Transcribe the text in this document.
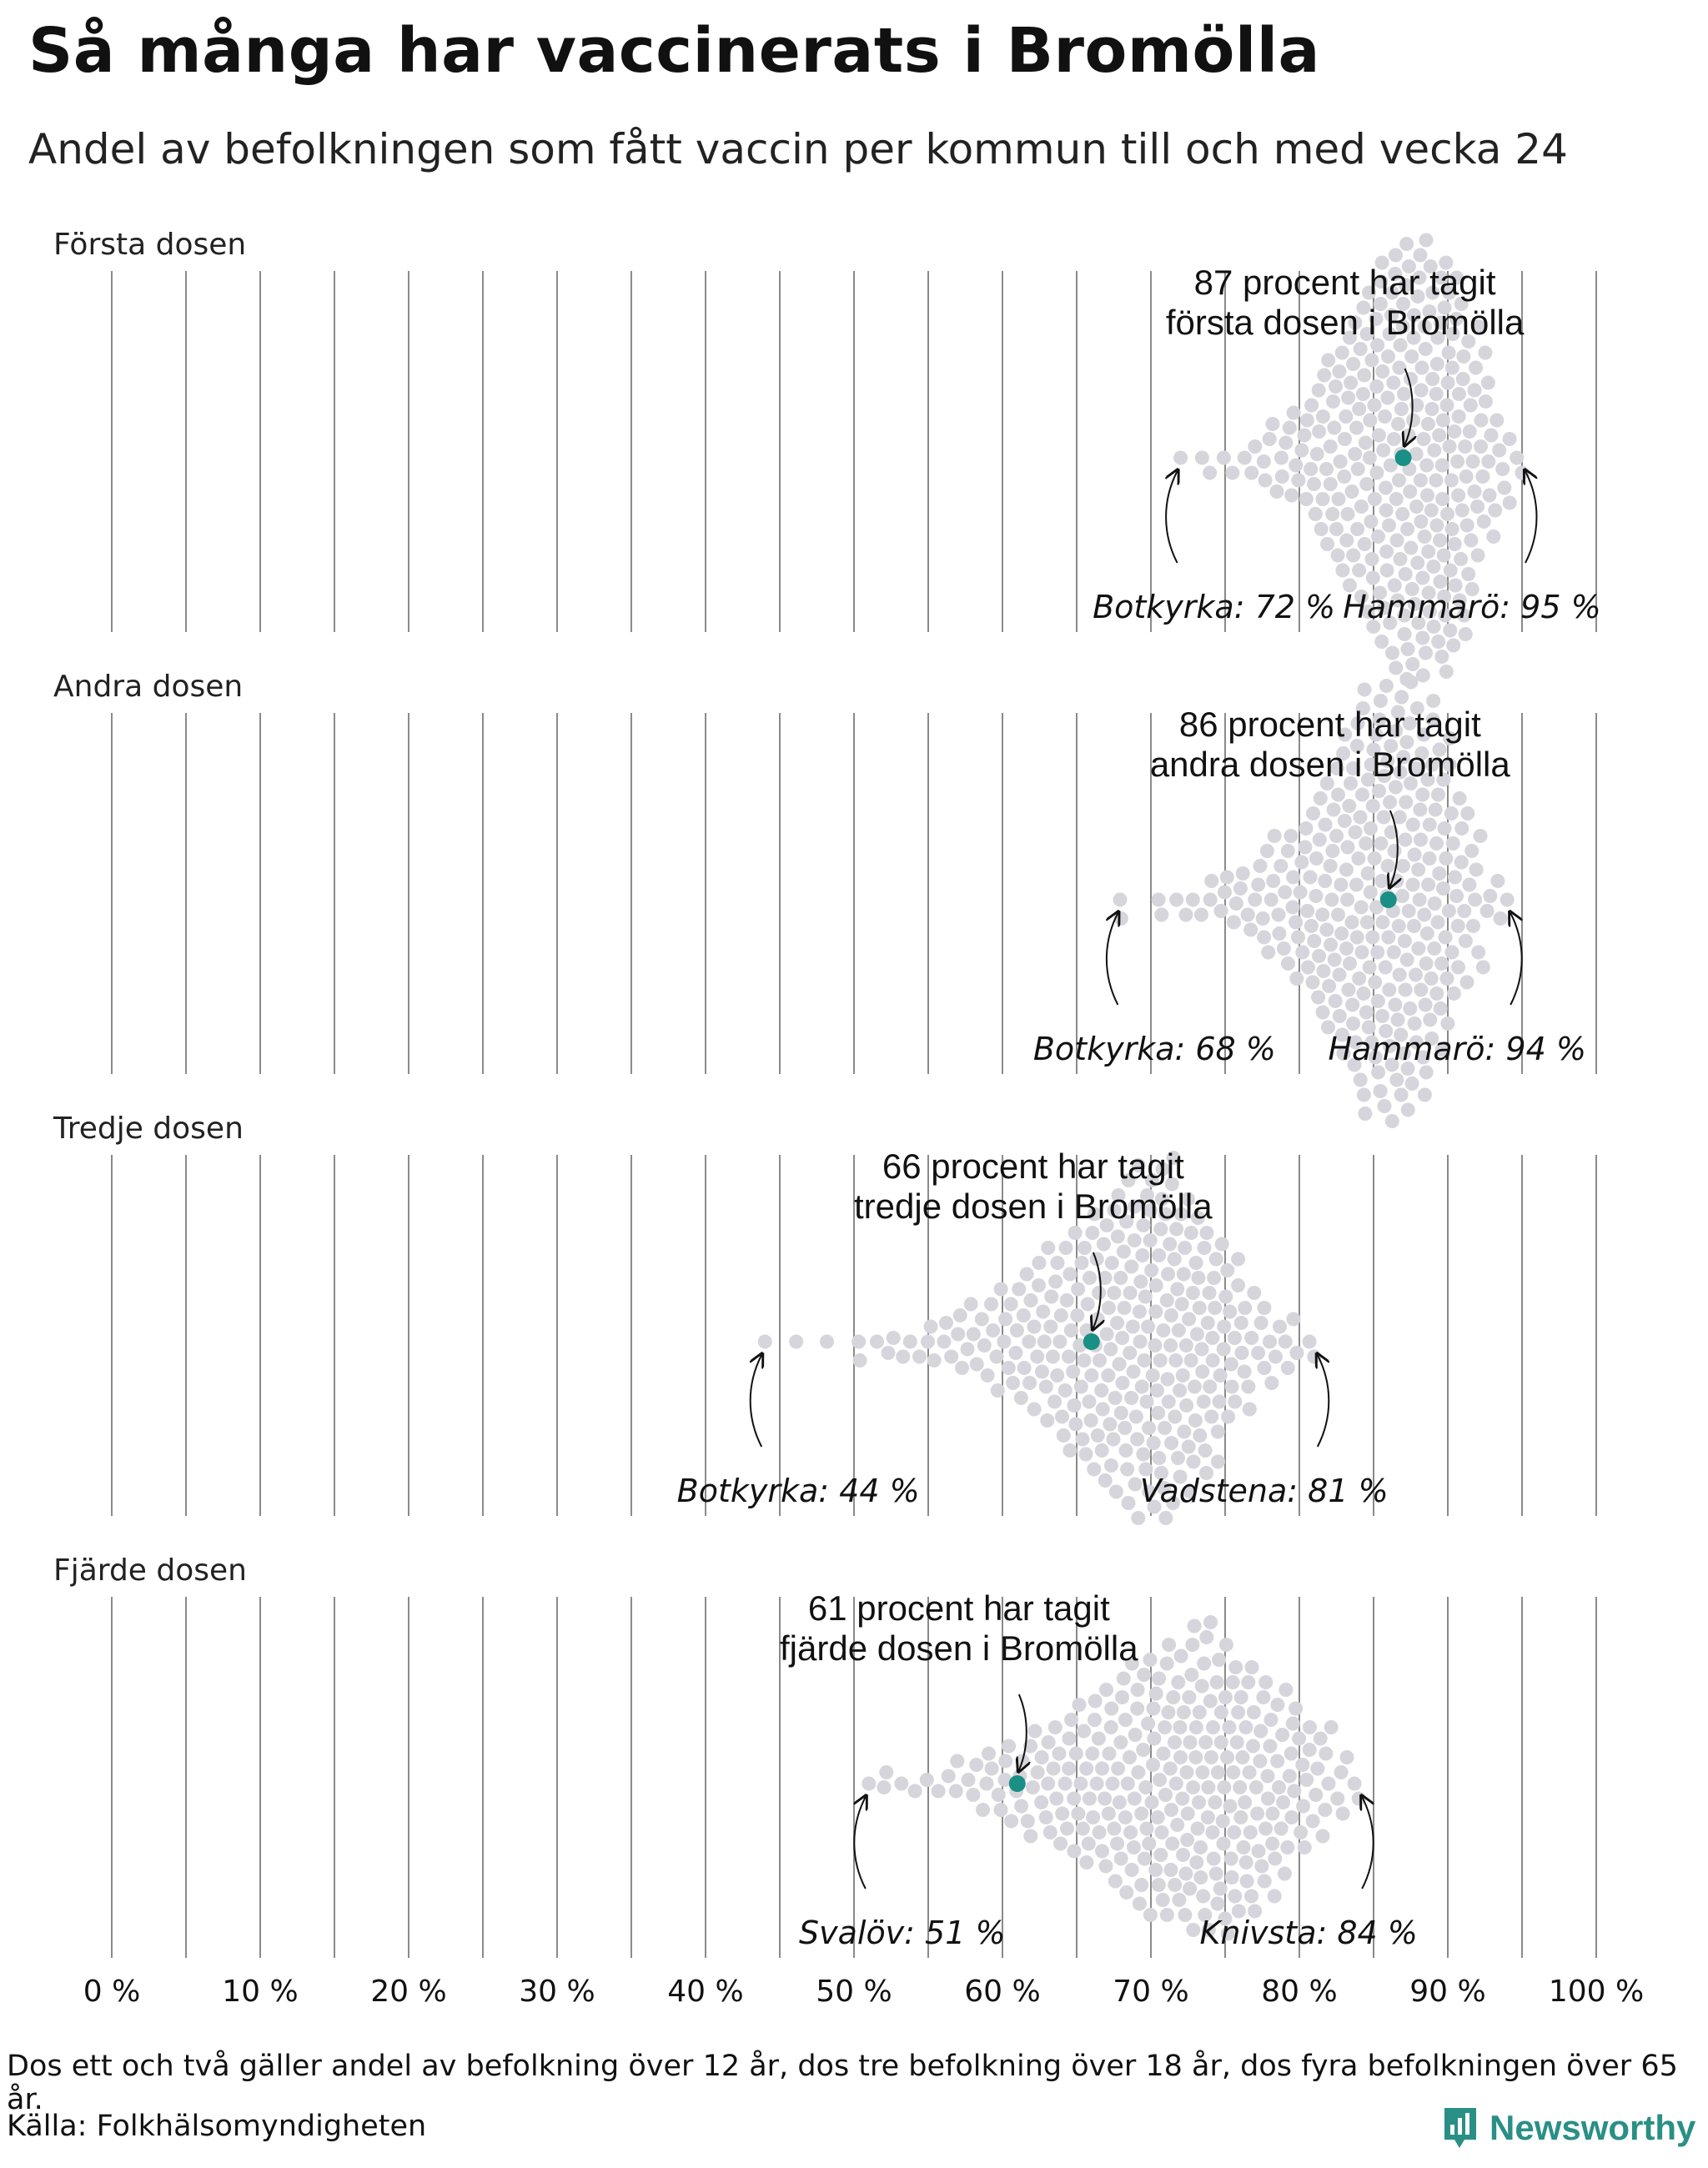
Så många har vaccinerats i Bromölla
Andel av befolkningen som fått vaccin per kommun till och med vecka 24
Första dosen
Andra dosen
Tredje dosen
Fjärde dosen
87 procent har tagit
första dosen i Bromölla
Botkyrka: 72 % Hammarö: 95 %
86 procent har tagit
andra dosen i Bromölla
Botkyrka: 68 % Hammarö: 94 %
66 procent har tagit
tredje dosen i Bromölla
Botkyrka: 44 %	Vadstena: 81 %
61 procent har tagit
fjärde dosen i Bromölla
Svalöv: 51 %	Knivsta: 84 %
0 %	10 % 20 % 30 % 40 % 50 % 60 % 70 % 80 % 90 % 100 %
Dos ett och två gäller andel av befolkning över 12 år, dos tre befolkning över 18 år, dos fyra befolkningen över 65 år.
Källa: Folkhälsomyndigheten	Newsworthy
